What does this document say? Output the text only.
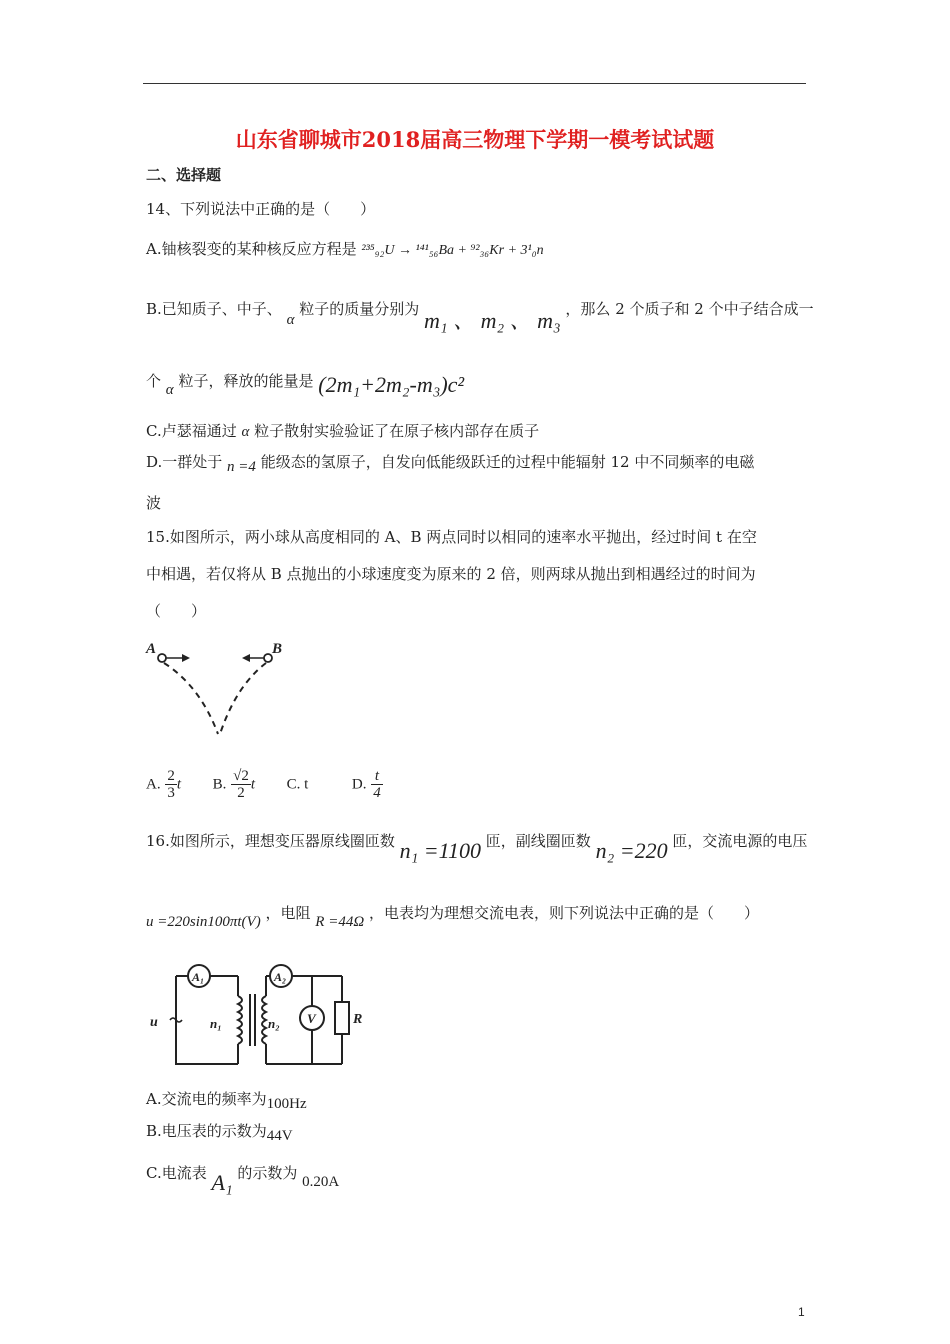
山东省聊城市2018届高三物理下学期一模考试试题
二、选择题
14、下列说法中正确的是（　　）
A.铀核裂变的某种核反应方程是 ²³⁵₉₂U → ¹⁴¹₅₆Ba + ⁹²₃₆Kr + 3¹₀n
B.已知质子、中子、 α 粒子的质量分别为 m₁ 、 m₂ 、 m₃ ，那么 2 个质子和 2 个中子结合成一
个 α 粒子，释放的能量是 (2m₁+2m₂-m₃)c²
C.卢瑟福通过 α 粒子散射实验验证了在原子核内部存在质子
D.一群处于 n =4 能级态的氢原子，自发向低能级跃迁的过程中能辐射 12 中不同频率的电磁
波
15.如图所示，两小球从高度相同的 A、B 两点同时以相同的速率水平抛出，经过时间 t 在空
中相遇，若仅将从 B 点抛出的小球速度变为原来的 2 倍，则两球从抛出到相遇经过的时间为
（　　）
A	B
A. $\frac{2}{3}$ t B. $\frac{√2}{2}$ t C. t	D. $\frac{t}{4}$
16.如图所示，理想变压器原线圈匝数 n₁ =1100 匝，副线圈匝数 n₂ =220 匝，交流电源的电压
u =220sin100πt(V) ，电阻 R =44Ω ，电表均为理想交流电表，则下列说法中正确的是（　　）
A₁	A₂
V	R
u	n₁	n₂
A.交流电的频率为100Hz
B.电压表的示数为44V
C.电流表 A₁ 的示数为 0.20A
1
